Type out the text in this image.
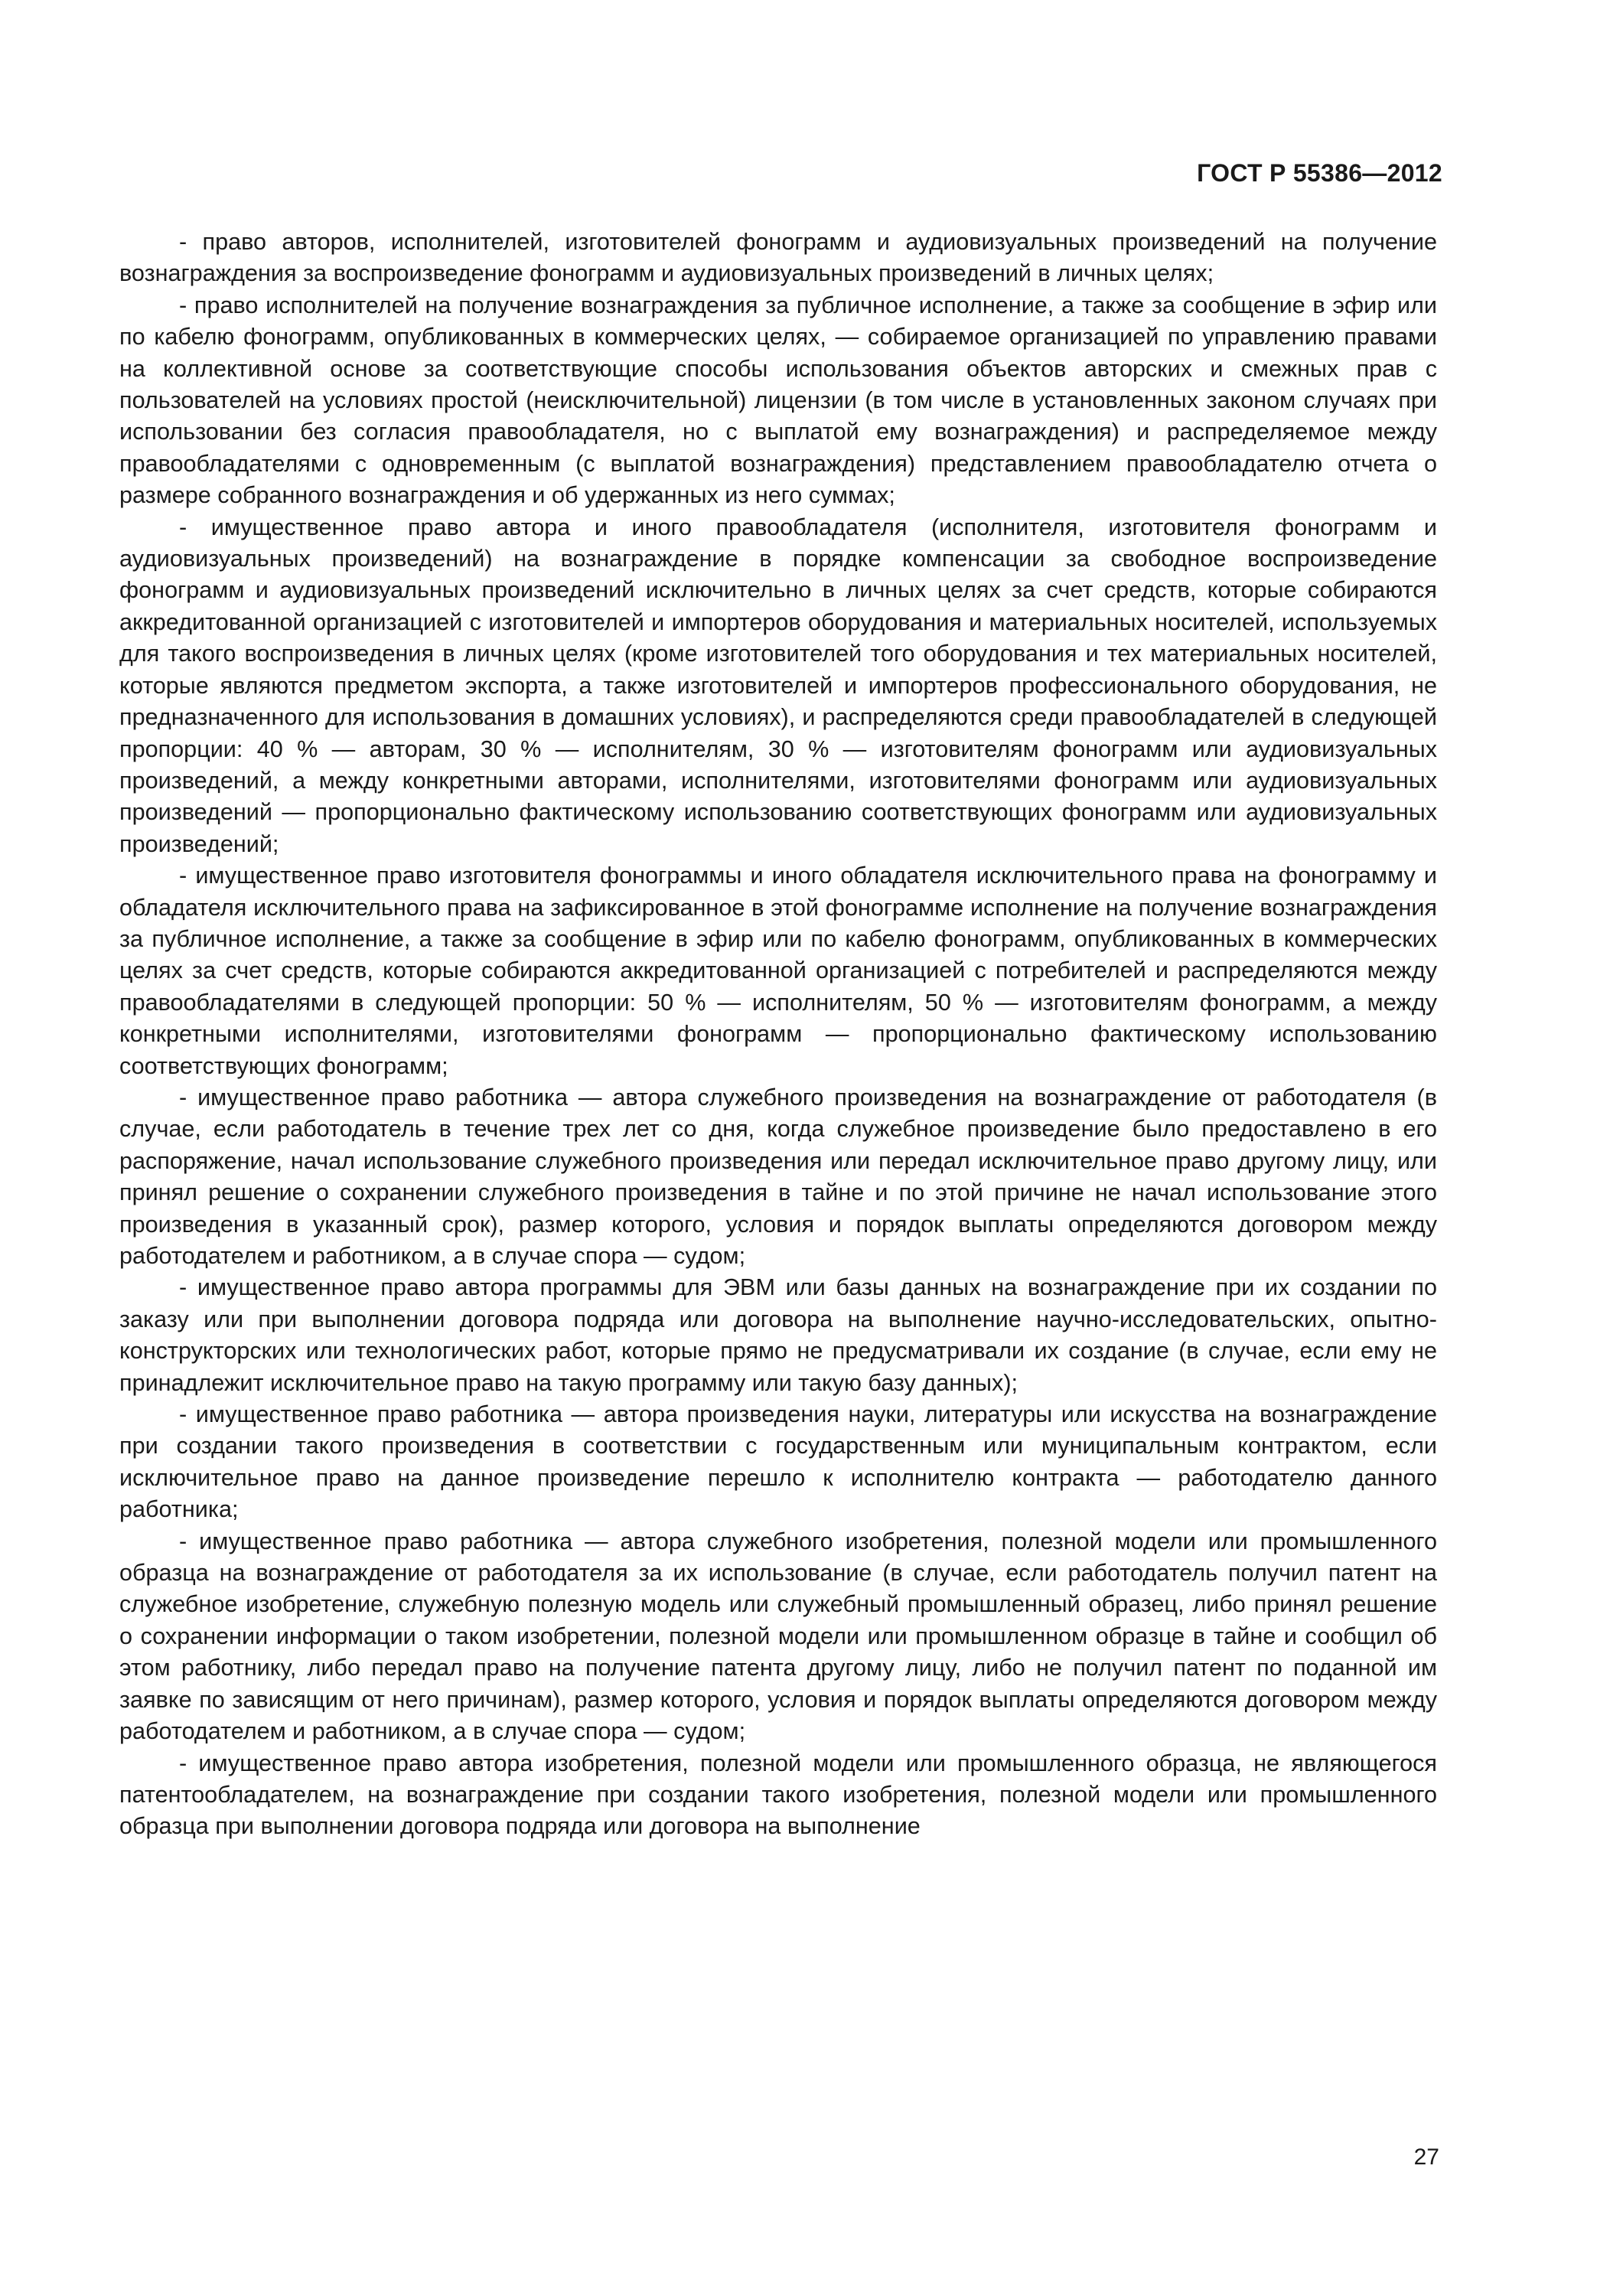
ГОСТ Р 55386—2012

- право авторов, исполнителей, изготовителей фонограмм и аудиовизуальных произведений на получение вознаграждения за воспроизведение фонограмм и аудиовизуальных произведений в личных целях;

- право исполнителей на получение вознаграждения за публичное исполнение, а также за сообщение в эфир или по кабелю фонограмм, опубликованных в коммерческих целях, — собираемое организацией по управлению правами на коллективной основе за соответствующие способы использования объектов авторских и смежных прав с пользователей на условиях простой (неисключительной) лицензии (в том числе в установленных законом случаях при использовании без согласия правообладателя, но с выплатой ему вознаграждения) и распределяемое между правообладателями с одновременным (с выплатой вознаграждения) представлением правообладателю отчета о размере собранного вознаграждения и об удержанных из него суммах;

- имущественное право автора и иного правообладателя (исполнителя, изготовителя фонограмм и аудиовизуальных произведений) на вознаграждение в порядке компенсации за свободное воспроизведение фонограмм и аудиовизуальных произведений исключительно в личных целях за счет средств, которые собираются аккредитованной организацией с изготовителей и импортеров оборудования и материальных носителей, используемых для такого воспроизведения в личных целях (кроме изготовителей того оборудования и тех материальных носителей, которые являются предметом экспорта, а также изготовителей и импортеров профессионального оборудования, не предназначенного для использования в домашних условиях), и распределяются среди правообладателей в следующей пропорции: 40 % — авторам, 30 % — исполнителям, 30 % — изготовителям фонограмм или аудиовизуальных произведений, а между конкретными авторами, исполнителями, изготовителями фонограмм или аудиовизуальных произведений — пропорционально фактическому использованию соответствующих фонограмм или аудиовизуальных произведений;

- имущественное право изготовителя фонограммы и иного обладателя исключительного права на фонограмму и обладателя исключительного права на зафиксированное в этой фонограмме исполнение на получение вознаграждения за публичное исполнение, а также за сообщение в эфир или по кабелю фонограмм, опубликованных в коммерческих целях за счет средств, которые собираются аккредитованной организацией с потребителей и распределяются между правообладателями в следующей пропорции: 50 % — исполнителям, 50 % — изготовителям фонограмм, а между конкретными исполнителями, изготовителями фонограмм — пропорционально фактическому использованию соответствующих фонограмм;

- имущественное право работника — автора служебного произведения на вознаграждение от работодателя (в случае, если работодатель в течение трех лет со дня, когда служебное произведение было предоставлено в его распоряжение, начал использование служебного произведения или передал исключительное право другому лицу, или принял решение о сохранении служебного произведения в тайне и по этой причине не начал использование этого произведения в указанный срок), размер которого, условия и порядок выплаты определяются договором между работодателем и работником, а в случае спора — судом;

- имущественное право автора программы для ЭВМ или базы данных на вознаграждение при их создании по заказу или при выполнении договора подряда или договора на выполнение научно-исследовательских, опытно-конструкторских или технологических работ, которые прямо не предусматривали их создание (в случае, если ему не принадлежит исключительное право на такую программу или такую базу данных);

- имущественное право работника — автора произведения науки, литературы или искусства на вознаграждение при создании такого произведения в соответствии с государственным или муниципальным контрактом, если исключительное право на данное произведение перешло к исполнителю контракта — работодателю данного работника;

- имущественное право работника — автора служебного изобретения, полезной модели или промышленного образца на вознаграждение от работодателя за их использование (в случае, если работодатель получил патент на служебное изобретение, служебную полезную модель или служебный промышленный образец, либо принял решение о сохранении информации о таком изобретении, полезной модели или промышленном образце в тайне и сообщил об этом работнику, либо передал право на получение патента другому лицу, либо не получил патент по поданной им заявке по зависящим от него причинам), размер которого, условия и порядок выплаты определяются договором между работодателем и работником, а в случае спора — судом;

- имущественное право автора изобретения, полезной модели или промышленного образца, не являющегося патентообладателем, на вознаграждение при создании такого изобретения, полезной модели или промышленного образца при выполнении договора подряда или договора на выполнение

27
